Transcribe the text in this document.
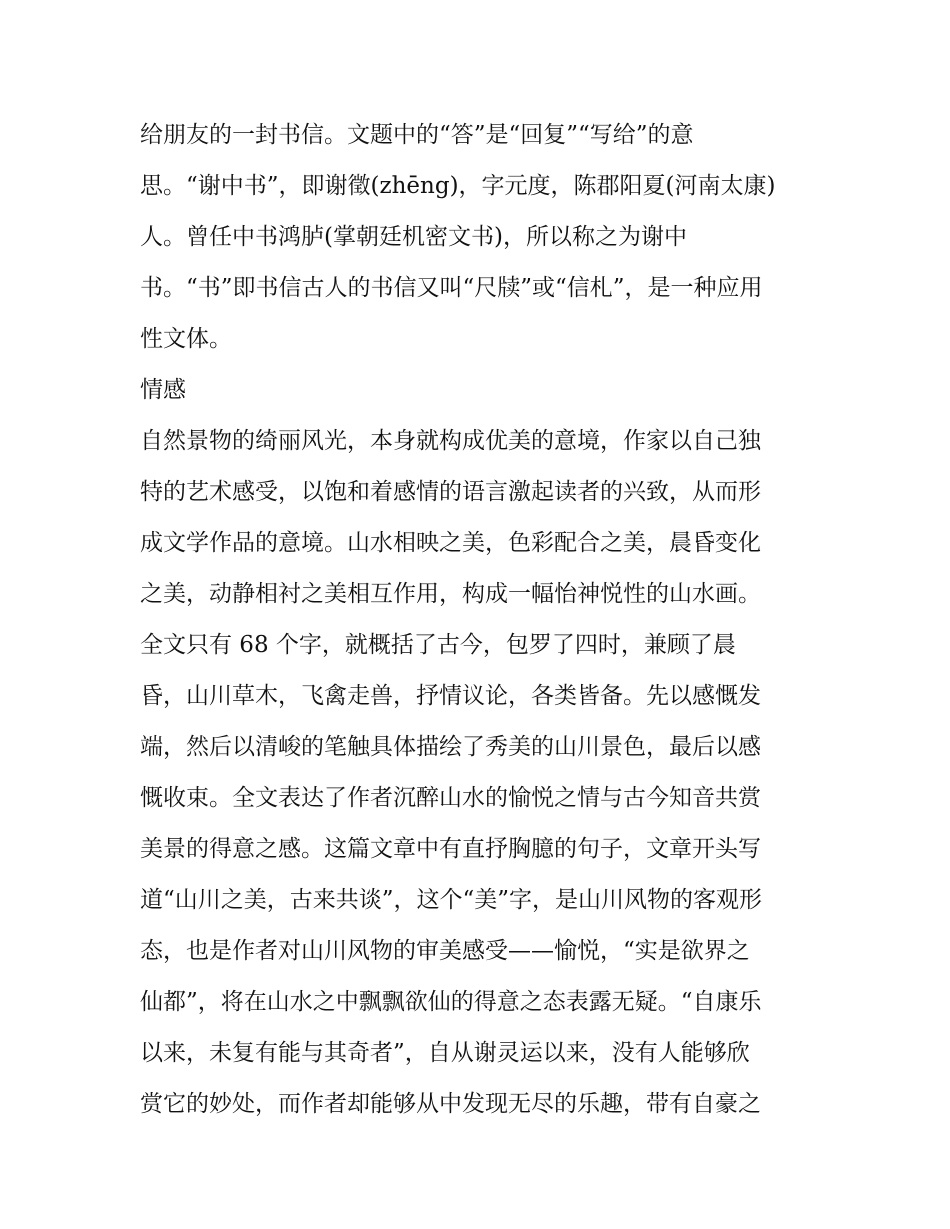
给朋友的一封书信。文题中的“答”是“回复”“写给”的意
思。“谢中书”，即谢徵(zhēng)，字元度，陈郡阳夏(河南太康)
人。曾任中书鸿胪(掌朝廷机密文书)，所以称之为谢中
书。“书”即书信古人的书信又叫“尺牍”或“信札”，是一种应用
性文体。
情感
自然景物的绮丽风光，本身就构成优美的意境，作家以自己独
特的艺术感受，以饱和着感情的语言激起读者的兴致，从而形
成文学作品的意境。山水相映之美，色彩配合之美，晨昏变化
之美，动静相衬之美相互作用，构成一幅怡神悦性的山水画。
全文只有 68 个字，就概括了古今，包罗了四时，兼顾了晨
昏，山川草木，飞禽走兽，抒情议论，各类皆备。先以感慨发
端，然后以清峻的笔触具体描绘了秀美的山川景色，最后以感
慨收束。全文表达了作者沉醉山水的愉悦之情与古今知音共赏
美景的得意之感。这篇文章中有直抒胸臆的句子，文章开头写
道“山川之美，古来共谈”，这个“美”字，是山川风物的客观形
态，也是作者对山川风物的审美感受——愉悦，“实是欲界之
仙都”，将在山水之中飘飘欲仙的得意之态表露无疑。“自康乐
以来，未复有能与其奇者”，自从谢灵运以来，没有人能够欣
赏它的妙处，而作者却能够从中发现无尽的乐趣，带有自豪之
